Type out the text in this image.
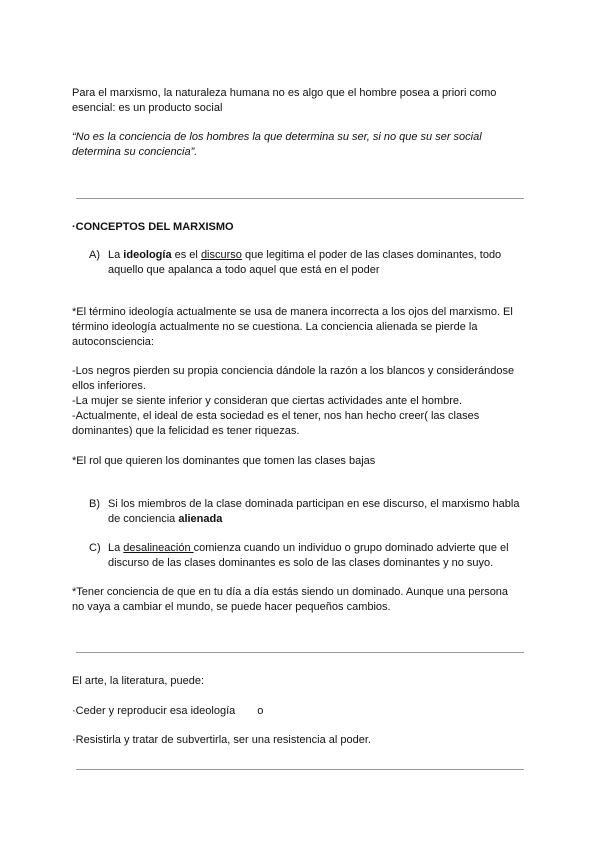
Para el marxismo, la naturaleza humana no es algo que el hombre posea a priori como
esencial: es un producto social

“No es la conciencia de los hombres la que determina su ser, si no que su ser social
determina su conciencia”.

·CONCEPTOS DEL MARXISMO

A) La ideología es el discurso que legitima el poder de las clases dominantes, todo
aquello que apalanca a todo aquel que está en el poder

*El término ideología actualmente se usa de manera incorrecta a los ojos del marxismo. El
término ideología actualmente no se cuestiona. La conciencia alienada se pierde la
autoconsciencia:

-Los negros pierden su propia conciencia dándole la razón a los blancos y considerándose
ellos inferiores.
-La mujer se siente inferior y consideran que ciertas actividades ante el hombre.
-Actualmente, el ideal de esta sociedad es el tener, nos han hecho creer( las clases
dominantes) que la felicidad es tener riquezas.

*El rol que quieren los dominantes que tomen las clases bajas

B) Si los miembros de la clase dominada participan en ese discurso, el marxismo habla
de conciencia alienada
C) La desalineación comienza cuando un individuo o grupo dominado advierte que el
discurso de las clases dominantes es solo de las clases dominantes y no suyo.

*Tener conciencia de que en tu día a día estás siendo un dominado. Aunque una persona
no vaya a cambiar el mundo, se puede hacer pequeños cambios.

El arte, la literatura, puede:

·Ceder y reproducir esa ideología o

·Resistirla y tratar de subvertirla, ser una resistencia al poder.
